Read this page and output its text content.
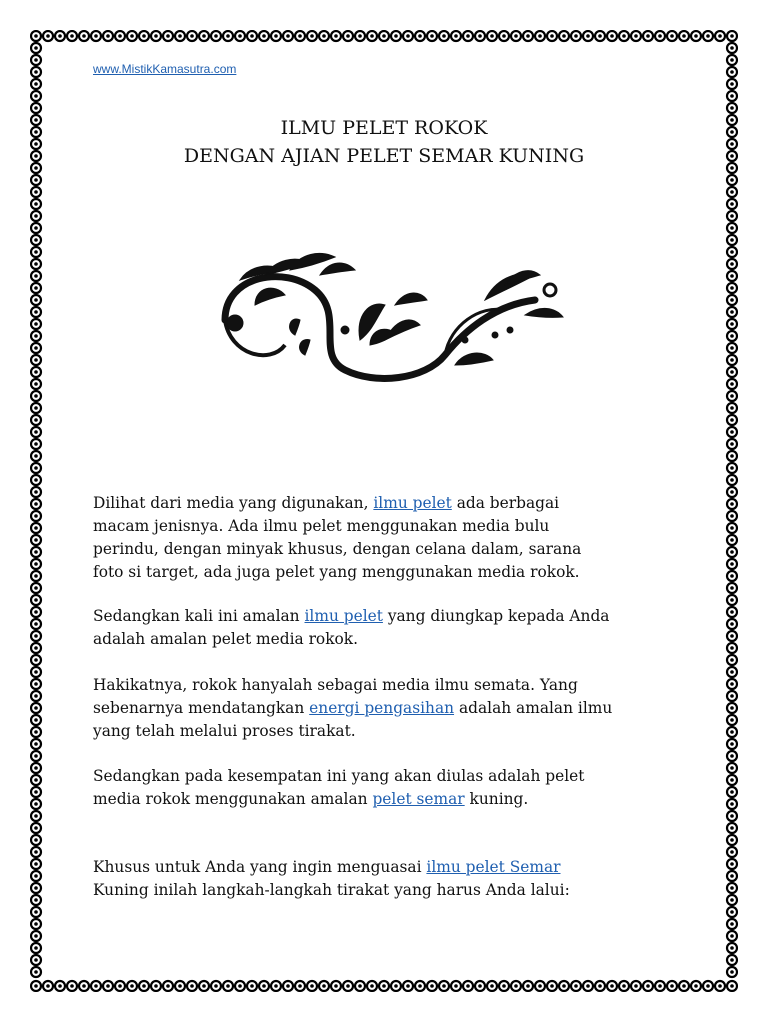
www.MistikKamasutra.com
ILMU PELET ROKOK
DENGAN AJIAN PELET SEMAR KUNING
Dilihat dari media yang digunakan, ilmu pelet ada berbagai
macam jenisnya. Ada ilmu pelet menggunakan media bulu
perindu, dengan minyak khusus, dengan celana dalam, sarana
foto si target, ada juga pelet yang menggunakan media rokok.
Sedangkan kali ini amalan ilmu pelet yang diungkap kepada Anda
adalah amalan pelet media rokok.
Hakikatnya, rokok hanyalah sebagai media ilmu semata. Yang
sebenarnya mendatangkan energi pengasihan adalah amalan ilmu
yang telah melalui proses tirakat.
Sedangkan pada kesempatan ini yang akan diulas adalah pelet
media rokok menggunakan amalan pelet semar kuning.
Khusus untuk Anda yang ingin menguasai ilmu pelet Semar
Kuning inilah langkah-langkah tirakat yang harus Anda lalui:
